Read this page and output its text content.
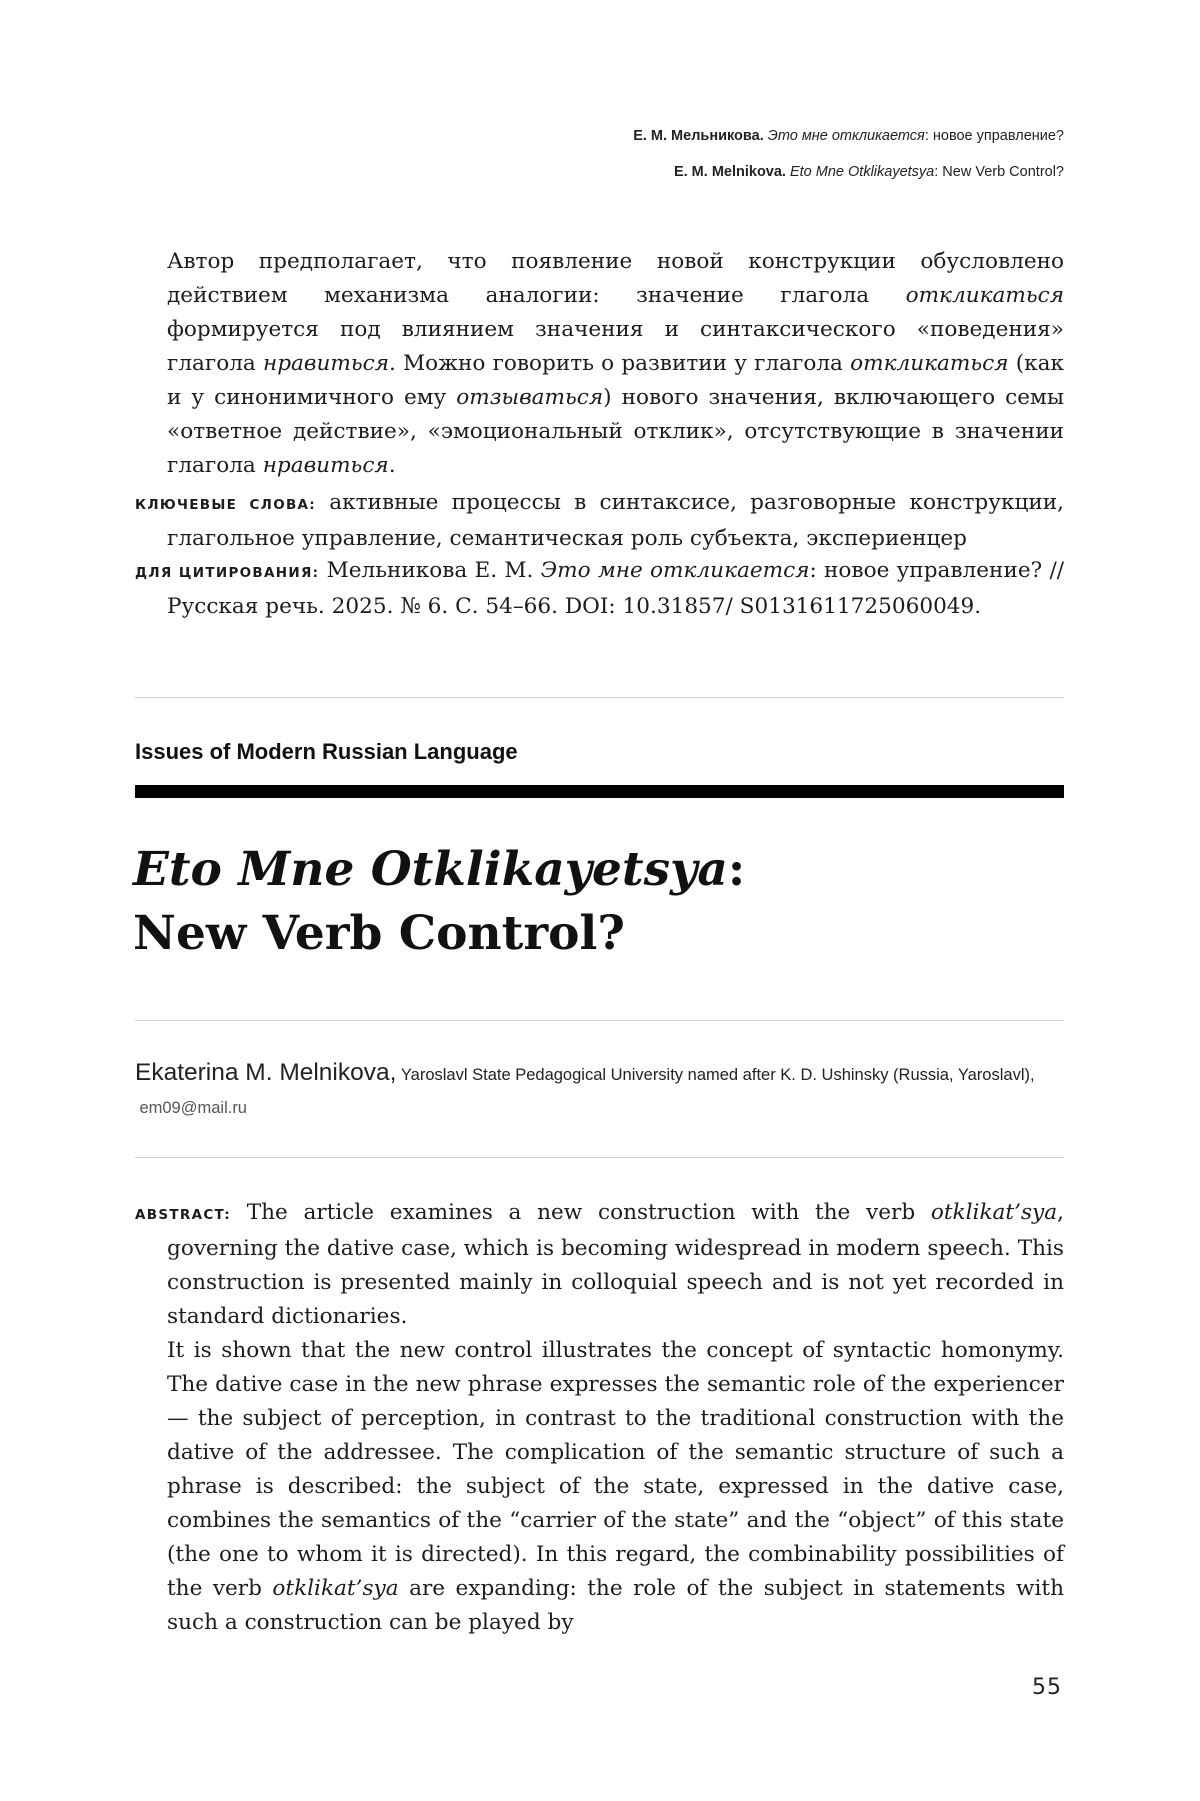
Е. М. Мельникова. Это мне откликается: новое управление?
E. M. Melnikova. Eto Mne Otklikayetsya: New Verb Control?
Автор предполагает, что появление новой конструкции обусловлено действием механизма аналогии: значение глагола откликаться формируется под влиянием значения и синтаксического «поведения» глагола нравиться. Можно говорить о развитии у глагола откликаться (как и у синонимичного ему отзываться) нового значения, включающего семы «ответное действие», «эмоциональный отклик», отсутствующие в значении глагола нравиться.
КЛЮЧЕВЫЕ СЛОВА: активные процессы в синтаксисе, разговорные конструкции, глагольное управление, семантическая роль субъекта, экспериенцер
ДЛЯ ЦИТИРОВАНИЯ: Мельникова Е. М. Это мне откликается: новое управление? // Русская речь. 2025. № 6. С. 54–66. DOI: 10.31857/ S0131611725060049.
Issues of Modern Russian Language
Eto Mne Otklikayetsya:
New Verb Control?
Ekaterina M. Melnikova, Yaroslavl State Pedagogical University named after K. D. Ushinsky (Russia, Yaroslavl),  em09@mail.ru
ABSTRACT: The article examines a new construction with the verb otklikat’sya, governing the dative case, which is becoming widespread in modern speech. This construction is presented mainly in colloquial speech and is not yet recorded in standard dictionaries.
It is shown that the new control illustrates the concept of syntactic homonymy. The dative case in the new phrase expresses the semantic role of the experiencer — the subject of perception, in contrast to the traditional construction with the dative of the addressee. The complication of the semantic structure of such a phrase is described: the subject of the state, expressed in the dative case, combines the semantics of the “carrier of the state” and the “object” of this state (the one to whom it is directed). In this regard, the combinability possibilities of the verb otklikat’sya are expanding: the role of the subject in statements with such a construction can be played by
55
